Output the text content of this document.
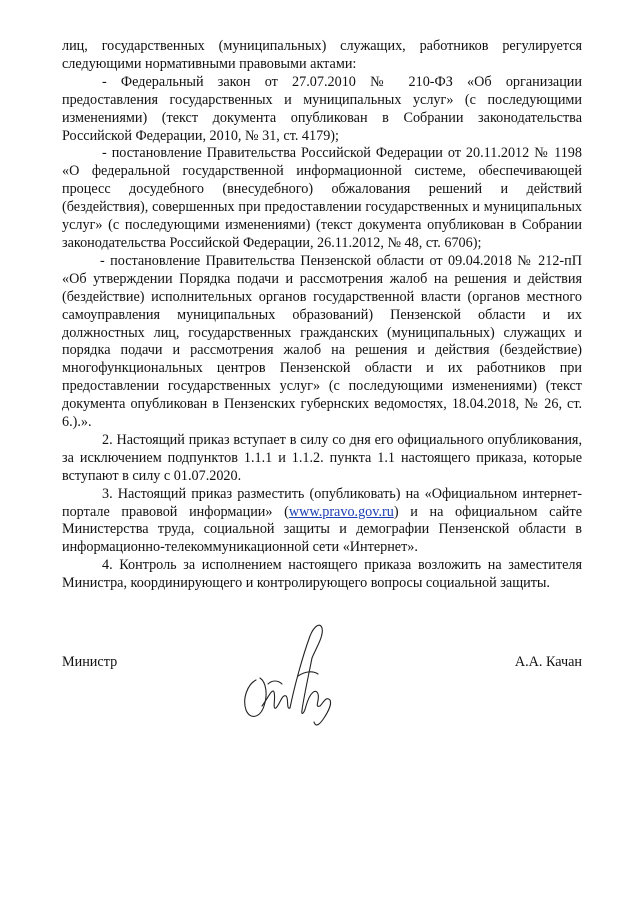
лиц, государственных (муниципальных) служащих, работников регулируется следующими нормативными правовыми актами:

- Федеральный закон от 27.07.2010 № 210-ФЗ «Об организации предоставления государственных и муниципальных услуг» (с последующими изменениями) (текст документа опубликован в Собрании законодательства Российской Федерации, 2010, № 31, ст. 4179);

- постановление Правительства Российской Федерации от 20.11.2012 № 1198 «О федеральной государственной информационной системе, обеспечивающей процесс досудебного (внесудебного) обжалования решений и действий (бездействия), совершенных при предоставлении государственных и муниципальных услуг» (с последующими изменениями) (текст документа опубликован в Собрании законодательства Российской Федерации, 26.11.2012, № 48, ст. 6706);

- постановление Правительства Пензенской области от 09.04.2018 № 212-пП «Об утверждении Порядка подачи и рассмотрения жалоб на решения и действия (бездействие) исполнительных органов государственной власти (органов местного самоуправления муниципальных образований) Пензенской области и их должностных лиц, государственных гражданских (муниципальных) служащих и порядка подачи и рассмотрения жалоб на решения и действия (бездействие) многофункциональных центров Пензенской области и их работников при предоставлении государственных услуг» (с последующими изменениями) (текст документа опубликован в Пензенских губернских ведомостях, 18.04.2018, № 26, ст. 6.).».

2. Настоящий приказ вступает в силу со дня его официального опубликования, за исключением подпунктов 1.1.1 и 1.1.2. пункта 1.1 настоящего приказа, которые вступают в силу с 01.07.2020.

3. Настоящий приказ разместить (опубликовать) на «Официальном интернет-портале правовой информации» (www.pravo.gov.ru) и на официальном сайте Министерства труда, социальной защиты и демографии Пензенской области в информационно-телекоммуникационной сети «Интернет».

4. Контроль за исполнением настоящего приказа возложить на заместителя Министра, координирующего и контролирующего вопросы социальной защиты.

Министр	А.А. Качан
